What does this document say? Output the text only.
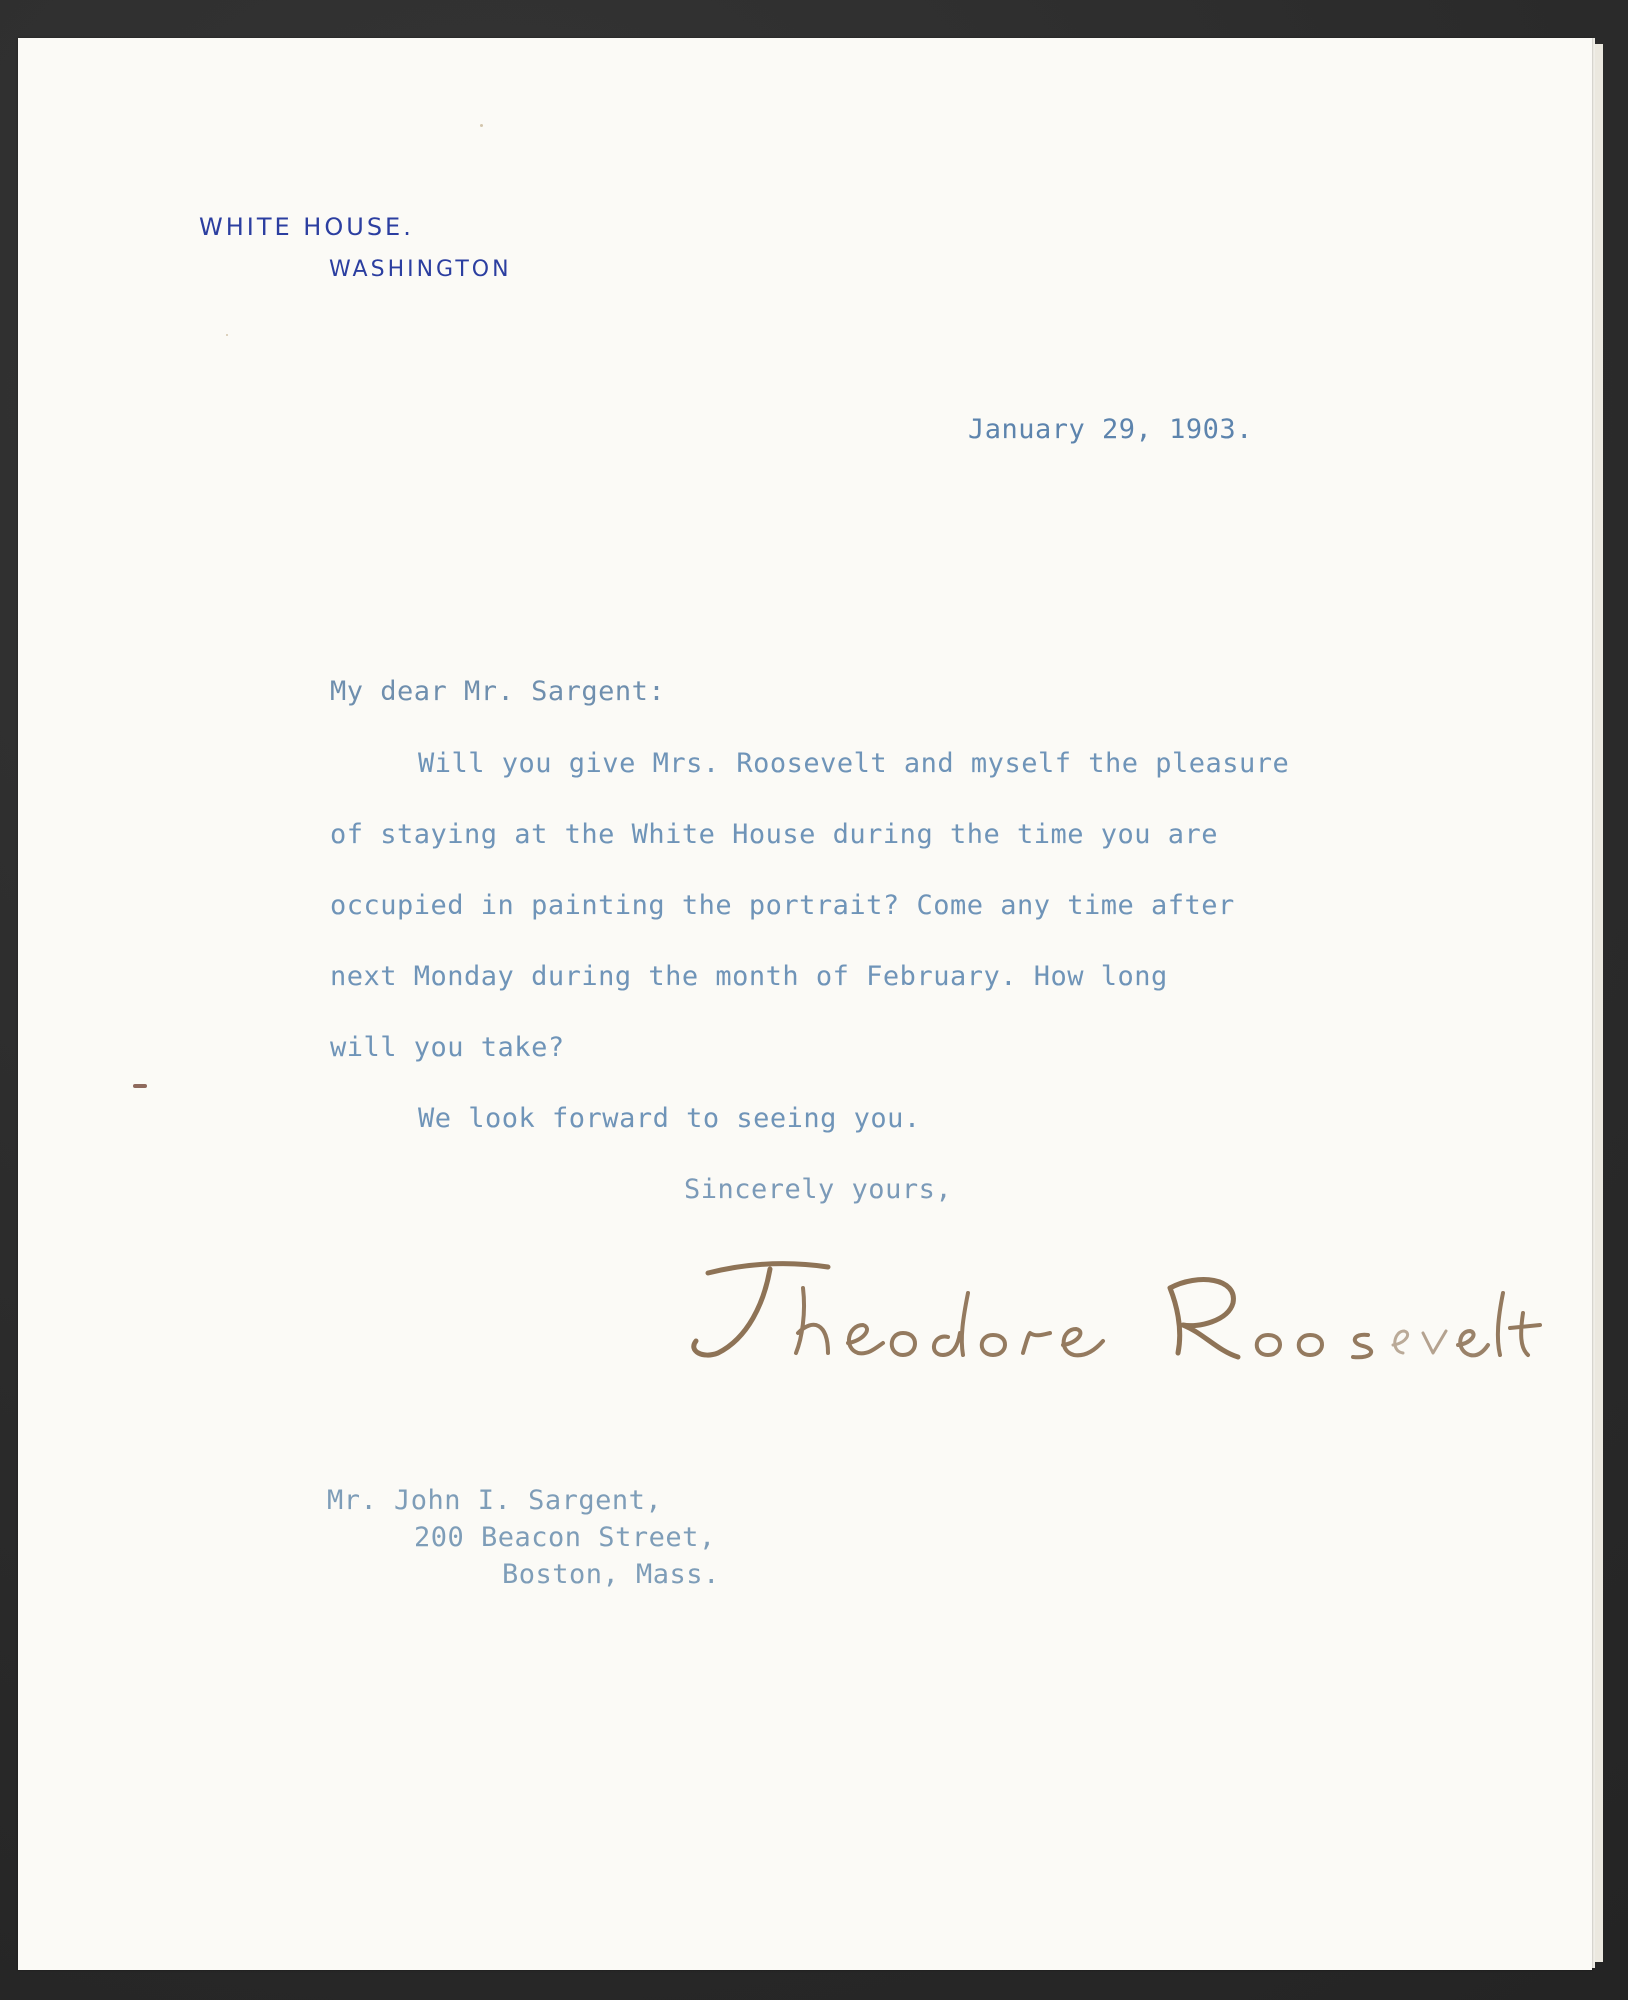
WHITE HOUSE.
WASHINGTON
January 29, 1903.
My dear Mr. Sargent:
Will you give Mrs. Roosevelt and myself the pleasure
of staying at the White House during the time you are
occupied in painting the portrait? Come any time after
next Monday during the month of February. How long
will you take?
We look forward to seeing you.
Sincerely yours,
Mr. John I. Sargent,
200 Beacon Street,
Boston, Mass.
